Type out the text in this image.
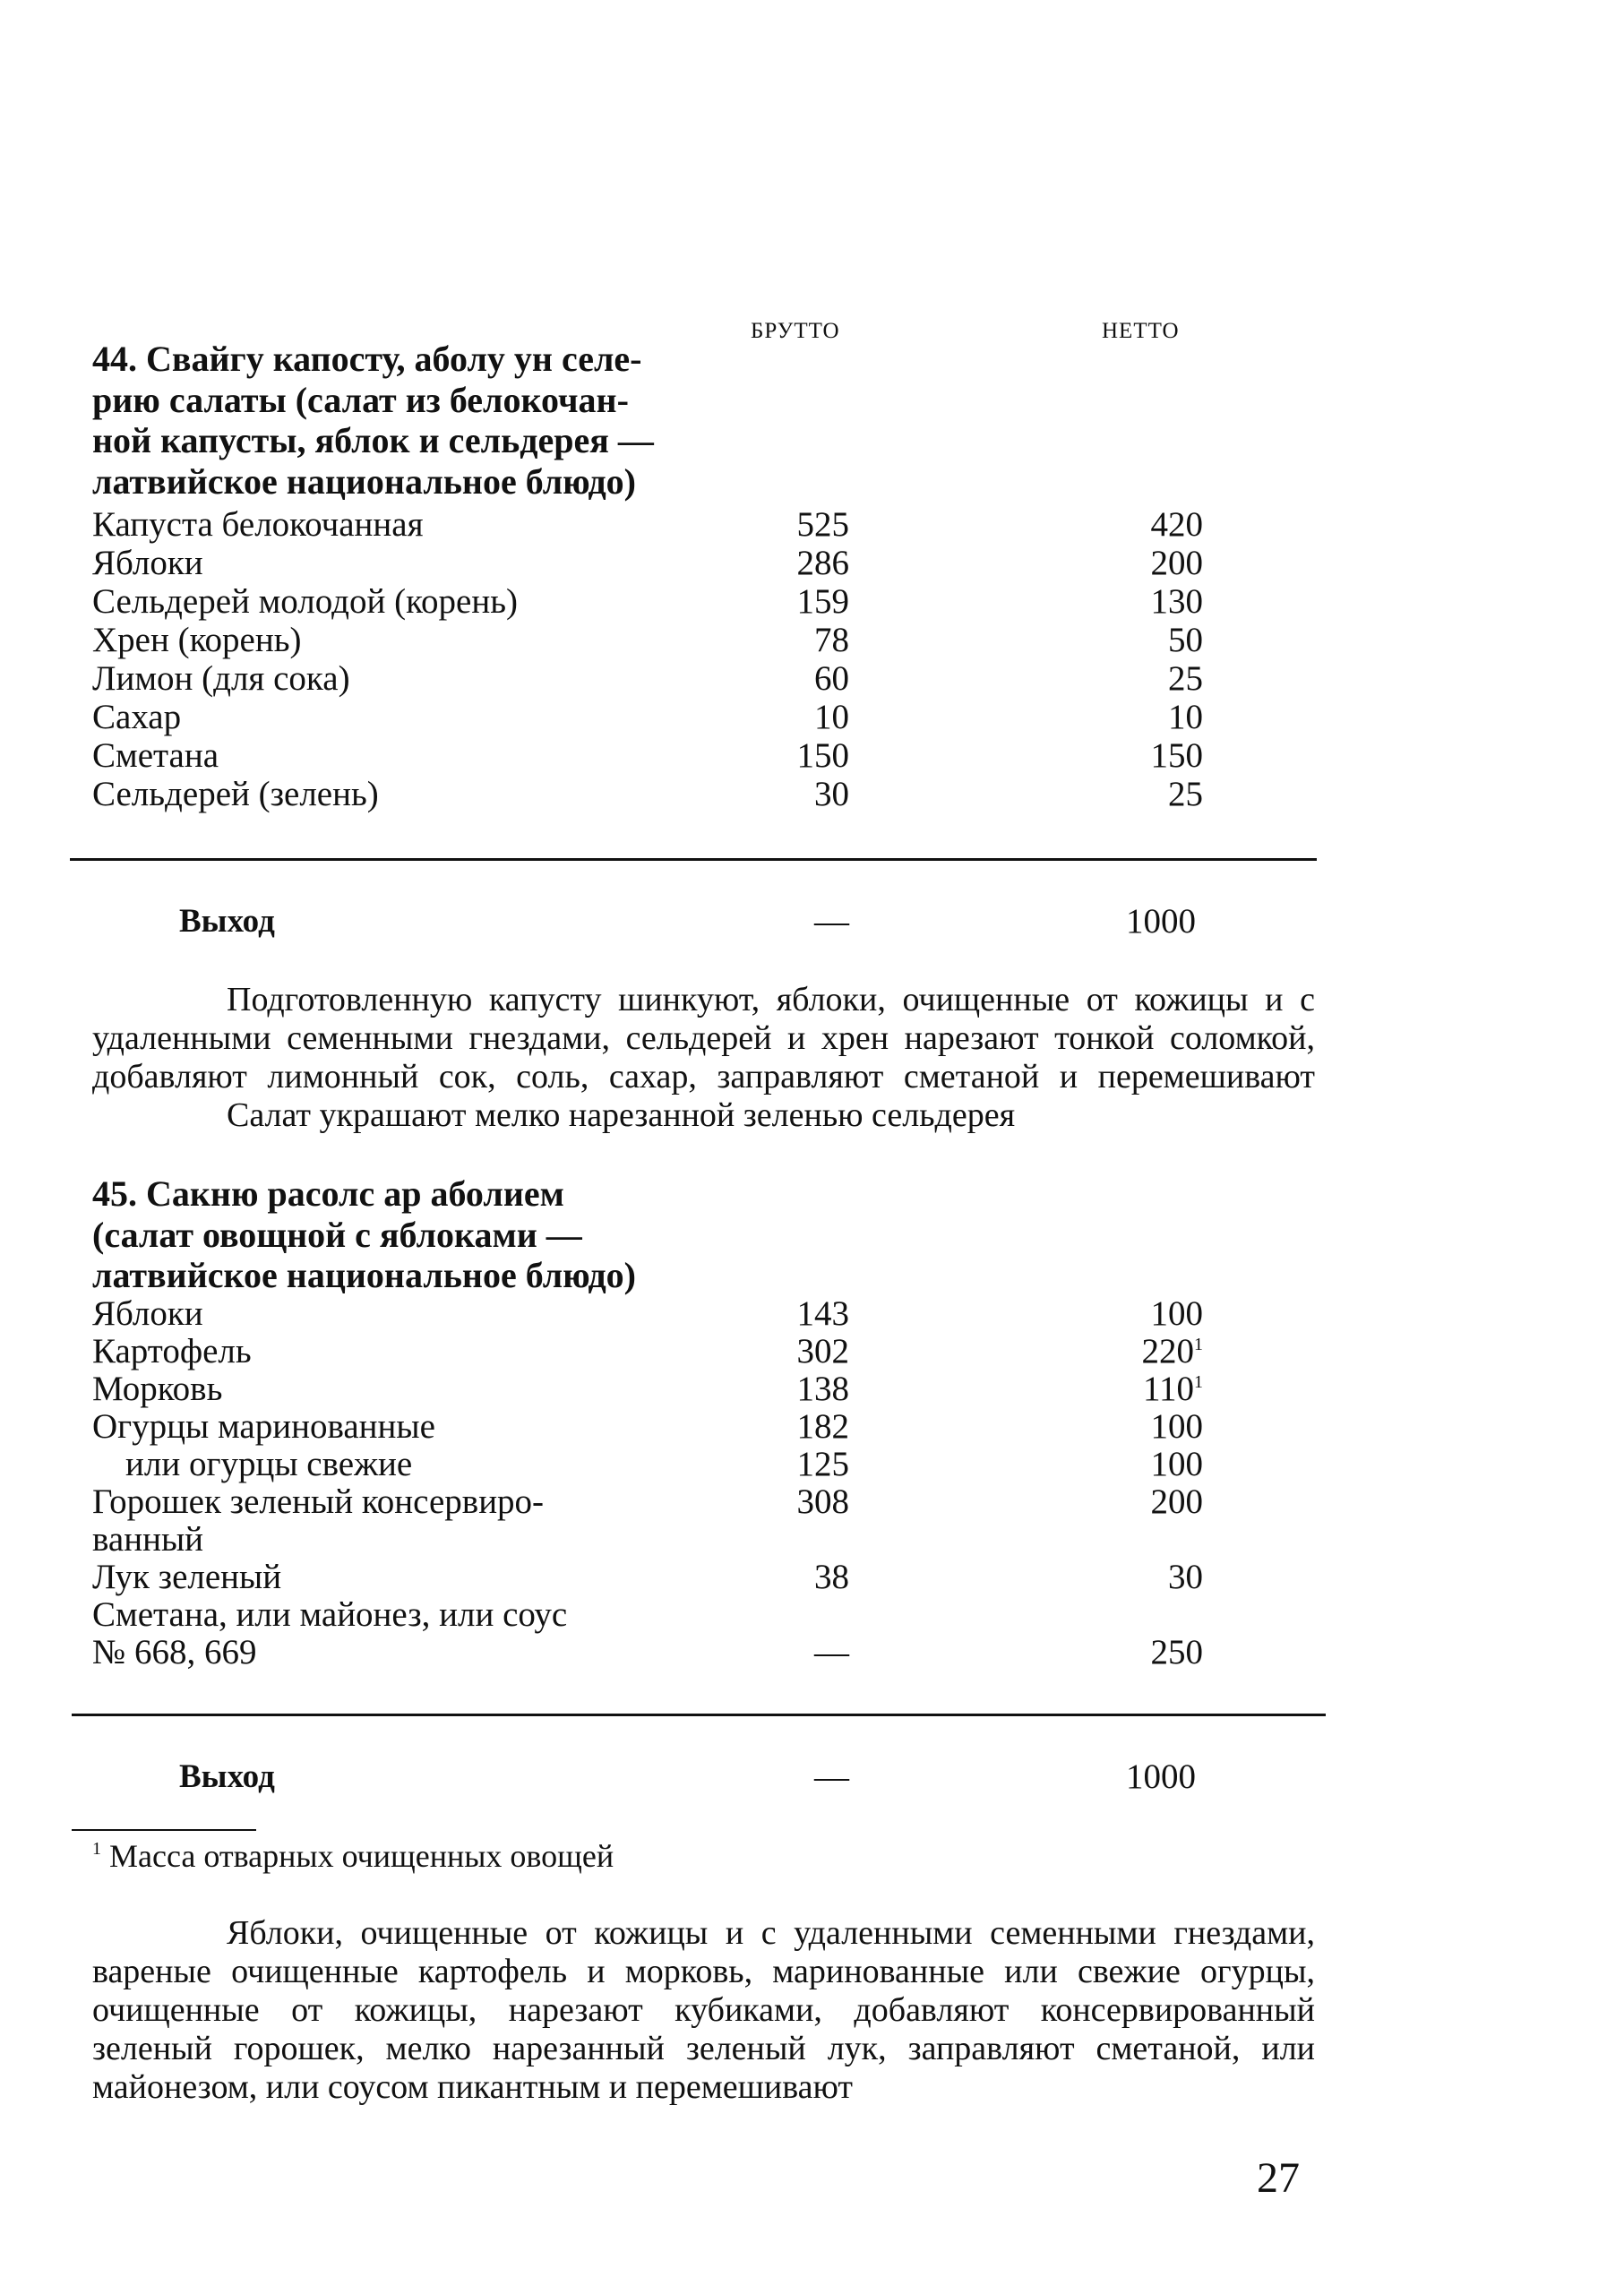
БРУТТО	НЕТТО
44. Свайгу капосту, аболу ун селе-
рию салаты (салат из белокочан-
ной капусты, яблок и сельдерея —
латвийское национальное блюдо)
Капуста белокочанная	525	420
Яблоки	286	200
Сельдерей молодой (корень)	159	130
Хрен (корень)	78	50
Лимон (для сока)	60	25
Сахар	10	10
Сметана	150	150
Сельдерей (зелень)	30	25
Выход	—	1000
Подготовленную капусту шинкуют, яблоки, очищенные от кожицы и с
удаленными семенными гнездами, сельдерей и хрен нарезают тонкой соломкой,
добавляют лимонный сок, соль, сахар, заправляют сметаной и перемешивают
Салат украшают мелко нарезанной зеленью сельдерея
45. Сакню расолс ар аболием
(салат овощной с яблоками —
латвийское национальное блюдо)
Яблоки	143	100
Картофель	302	$220^1$
Морковь	138	$110^1$
Огурцы маринованные	182	100
или огурцы свежие	125	100
Горошек зеленый консервиро-	308	200
ванный
Лук зеленый	38	30
Сметана, или майонез, или соус
№ 668, 669	—	250
Выход	—	1000
$^1$ Масса отварных очищенных овощей
Яблоки, очищенные от кожицы и с удаленными семенными гнездами,
вареные очищенные картофель и морковь, маринованные или свежие огурцы,
очищенные от кожицы, нарезают кубиками, добавляют консервированный
зеленый горошек, мелко нарезанный зеленый лук, заправляют сметаной, или
майонезом, или соусом пикантным и перемешивают
27
